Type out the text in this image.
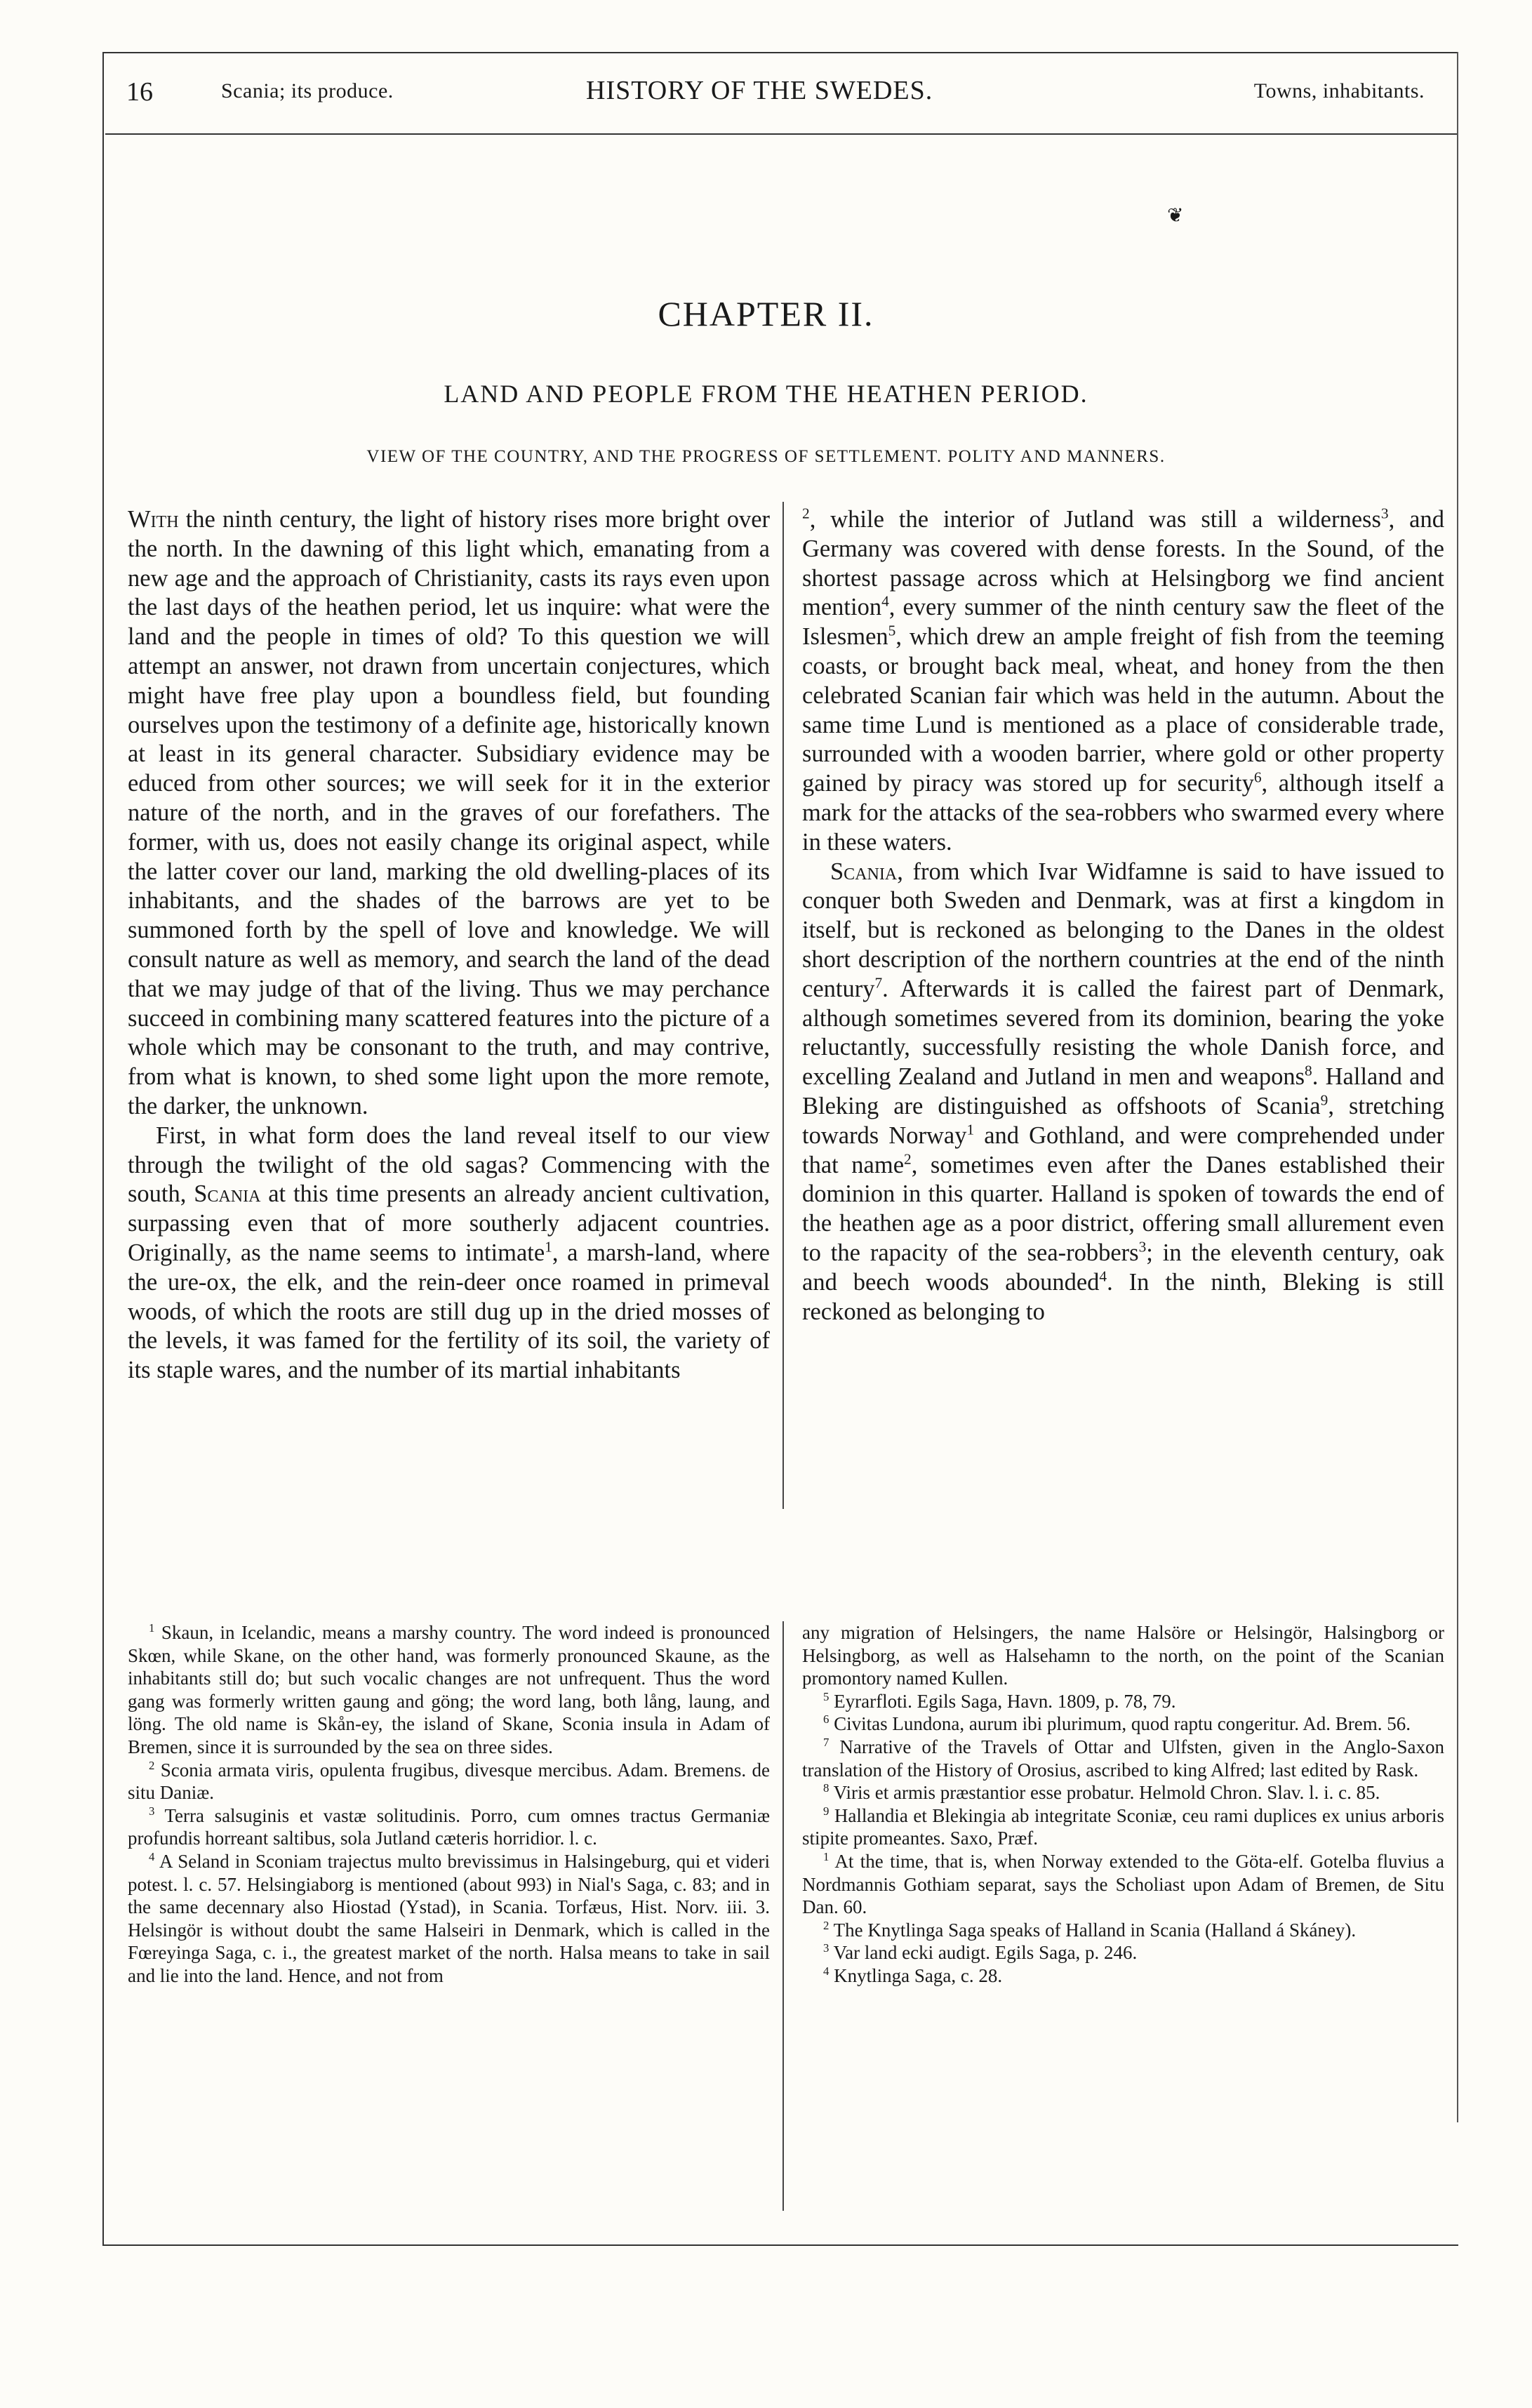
16	Scania; its produce.	HISTORY OF THE SWEDES.	Towns, inhabitants.
❦
CHAPTER II.
LAND AND PEOPLE FROM THE HEATHEN PERIOD.
VIEW OF THE COUNTRY, AND THE PROGRESS OF SETTLEMENT. POLITY AND MANNERS.

With the ninth century, the light of history rises more bright over the north. In the dawning of this light which, emanating from a new age and the approach of Christianity, casts its rays even upon the last days of the heathen period, let us inquire: what were the land and the people in times of old? To this question we will attempt an answer, not drawn from uncertain conjectures, which might have free play upon a boundless field, but founding ourselves upon the testimony of a definite age, historically known at least in its general character. Subsidiary evidence may be educed from other sources; we will seek for it in the exterior nature of the north, and in the graves of our forefathers. The former, with us, does not easily change its original aspect, while the latter cover our land, marking the old dwelling-places of its inhabitants, and the shades of the barrows are yet to be summoned forth by the spell of love and knowledge. We will consult nature as well as memory, and search the land of the dead that we may judge of that of the living. Thus we may perchance succeed in combining many scattered features into the picture of a whole which may be consonant to the truth, and may contrive, from what is known, to shed some light upon the more remote, the darker, the unknown.

First, in what form does the land reveal itself to our view through the twilight of the old sagas? Commencing with the south, Scania at this time presents an already ancient cultivation, surpassing even that of more southerly adjacent countries. Originally, as the name seems to intimate$^1$, a marsh-land, where the ure-ox, the elk, and the rein-deer once roamed in primeval woods, of which the roots are still dug up in the dried mosses of the levels, it was famed for the fertility of its soil, the variety of its staple wares, and the number of its martial inhabitants

$^2$, while the interior of Jutland was still a wilderness$^3$, and Germany was covered with dense forests. In the Sound, of the shortest passage across which at Helsingborg we find ancient mention$^4$, every summer of the ninth century saw the fleet of the Islesmen$^5$, which drew an ample freight of fish from the teeming coasts, or brought back meal, wheat, and honey from the then celebrated Scanian fair which was held in the autumn. About the same time Lund is mentioned as a place of considerable trade, surrounded with a wooden barrier, where gold or other property gained by piracy was stored up for security$^6$, although itself a mark for the attacks of the sea-robbers who swarmed every where in these waters.

Scania, from which Ivar Widfamne is said to have issued to conquer both Sweden and Denmark, was at first a kingdom in itself, but is reckoned as belonging to the Danes in the oldest short description of the northern countries at the end of the ninth century$^7$. Afterwards it is called the fairest part of Denmark, although sometimes severed from its dominion, bearing the yoke reluctantly, successfully resisting the whole Danish force, and excelling Zealand and Jutland in men and weapons$^8$. Halland and Bleking are distinguished as offshoots of Scania$^9$, stretching towards Norway$^1$ and Gothland, and were comprehended under that name$^2$, sometimes even after the Danes established their dominion in this quarter. Halland is spoken of towards the end of the heathen age as a poor district, offering small allurement even to the rapacity of the sea-robbers$^3$; in the eleventh century, oak and beech woods abounded$^4$. In the ninth, Bleking is still reckoned as belonging to

$^1$ Skaun, in Icelandic, means a marshy country. The word indeed is pronounced Skœn, while Skane, on the other hand, was formerly pronounced Skaune, as the inhabitants still do; but such vocalic changes are not unfrequent. Thus the word gang was formerly written gaung and göng; the word lang, both lång, laung, and löng. The old name is Skån-ey, the island of Skane, Sconia insula in Adam of Bremen, since it is surrounded by the sea on three sides.

$^2$ Sconia armata viris, opulenta frugibus, divesque mercibus. Adam. Bremens. de situ Daniæ.

$^3$ Terra salsuginis et vastæ solitudinis. Porro, cum omnes tractus Germaniæ profundis horreant saltibus, sola Jutland cæteris horridior. l. c.

$^4$ A Seland in Sconiam trajectus multo brevissimus in Halsingeburg, qui et videri potest. l. c. 57. Helsingiaborg is mentioned (about 993) in Nial's Saga, c. 83; and in the same decennary also Hiostad (Ystad), in Scania. Torfæus, Hist. Norv. iii. 3. Helsingör is without doubt the same Halseiri in Denmark, which is called in the Fœreyinga Saga, c. i., the greatest market of the north. Halsa means to take in sail and lie into the land. Hence, and not from

any migration of Helsingers, the name Halsöre or Helsingör, Halsingborg or Helsingborg, as well as Halsehamn to the north, on the point of the Scanian promontory named Kullen.

$^5$ Eyrarfloti. Egils Saga, Havn. 1809, p. 78, 79.

$^6$ Civitas Lundona, aurum ibi plurimum, quod raptu congeritur. Ad. Brem. 56.

$^7$ Narrative of the Travels of Ottar and Ulfsten, given in the Anglo-Saxon translation of the History of Orosius, ascribed to king Alfred; last edited by Rask.

$^8$ Viris et armis præstantior esse probatur. Helmold Chron. Slav. l. i. c. 85.

$^9$ Hallandia et Blekingia ab integritate Sconiæ, ceu rami duplices ex unius arboris stipite promeantes. Saxo, Præf.

$^1$ At the time, that is, when Norway extended to the Göta-elf. Gotelba fluvius a Nordmannis Gothiam separat, says the Scholiast upon Adam of Bremen, de Situ Dan. 60.

$^2$ The Knytlinga Saga speaks of Halland in Scania (Halland á Skáney).

$^3$ Var land ecki audigt. Egils Saga, p. 246.

$^4$ Knytlinga Saga, c. 28.
